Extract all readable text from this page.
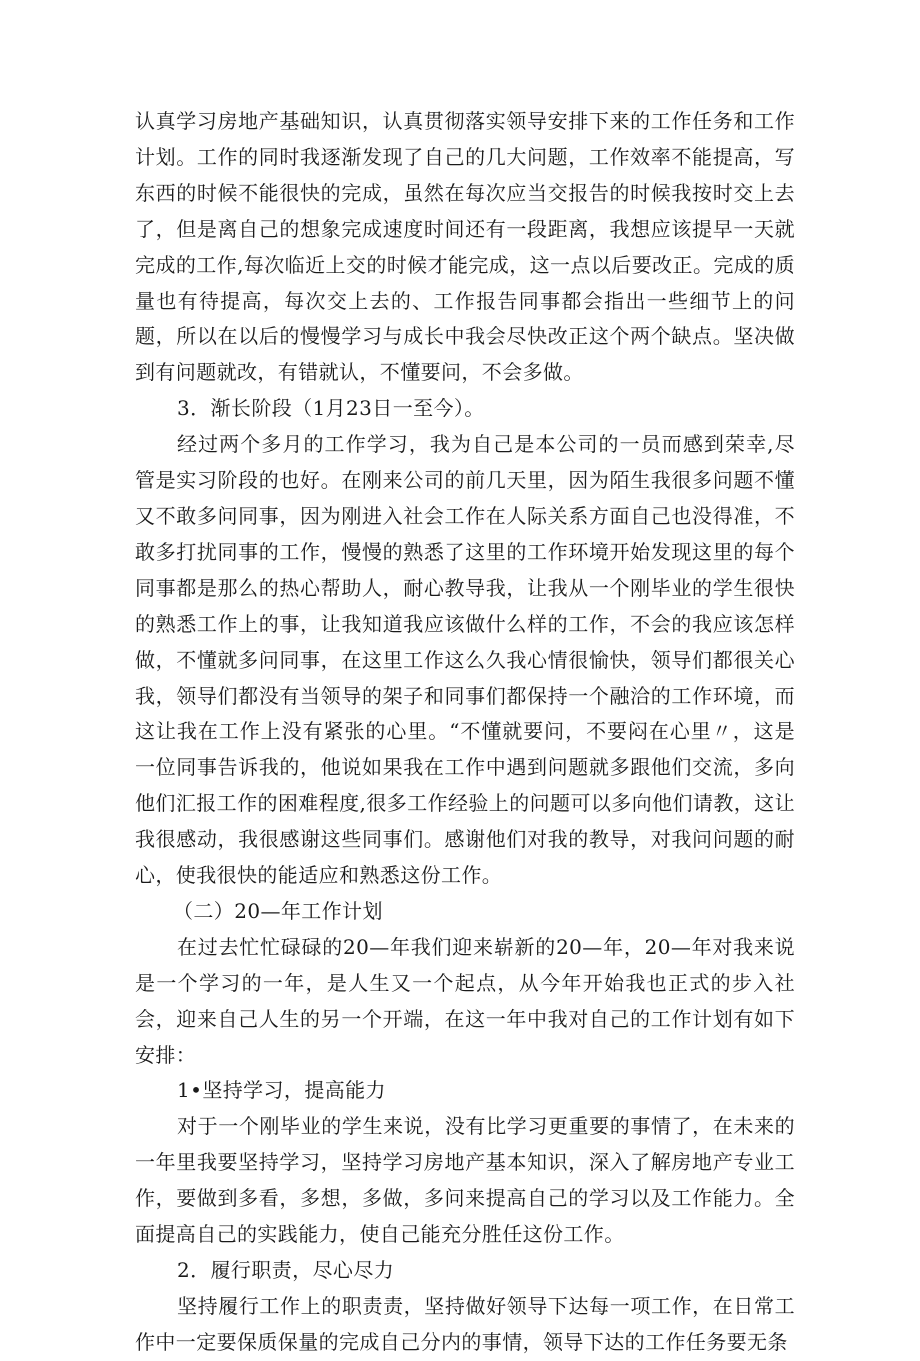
认真学习房地产基础知识，认真贯彻落实领导安排下来的工作任务和工作计划。工作的同时我逐渐发现了自己的几大问题，工作效率不能提高，写东西的时候不能很快的完成，虽然在每次应当交报告的时候我按时交上去了，但是离自己的想象完成速度时间还有一段距离，我想应该提早一天就完成的工作,每次临近上交的时候才能完成，这一点以后要改正。完成的质量也有待提高，每次交上去的、工作报告同事都会指出一些细节上的问题，所以在以后的慢慢学习与成长中我会尽快改正这个两个缺点。坚决做到有问题就改，有错就认，不懂要问，不会多做。

3．渐长阶段（1月23日一至今）。

经过两个多月的工作学习，我为自己是本公司的一员而感到荣幸,尽管是实习阶段的也好。在刚来公司的前几天里，因为陌生我很多问题不懂又不敢多问同事，因为刚进入社会工作在人际关系方面自己也没得准，不敢多打扰同事的工作，慢慢的熟悉了这里的工作环境开始发现这里的每个同事都是那么的热心帮助人，耐心教导我，让我从一个刚毕业的学生很快的熟悉工作上的事，让我知道我应该做什么样的工作，不会的我应该怎样做，不懂就多问同事，在这里工作这么久我心情很愉快，领导们都很关心我，领导们都没有当领导的架子和同事们都保持一个融洽的工作环境，而这让我在工作上没有紧张的心里。“不懂就要问，不要闷在心里〃，这是一位同事告诉我的，他说如果我在工作中遇到问题就多跟他们交流，多向他们汇报工作的困难程度,很多工作经验上的问题可以多向他们请教，这让我很感动，我很感谢这些同事们。感谢他们对我的教导，对我问问题的耐心，使我很快的能适应和熟悉这份工作。

（二）20—年工作计划

在过去忙忙碌碌的20—年我们迎来崭新的20—年，20—年对我来说是一个学习的一年，是人生又一个起点，从今年开始我也正式的步入社会，迎来自己人生的另一个开端，在这一年中我对自己的工作计划有如下安排：

1•坚持学习，提高能力

对于一个刚毕业的学生来说，没有比学习更重要的事情了，在未来的一年里我要坚持学习，坚持学习房地产基本知识，深入了解房地产专业工作，要做到多看，多想，多做，多问来提高自己的学习以及工作能力。全面提高自己的实践能力，使自己能充分胜任这份工作。

2．履行职责，尽心尽力

坚持履行工作上的职责责，坚持做好领导下达每一项工作，在日常工作中一定要保质保量的完成自己分内的事情，领导下达的工作任务要无条
